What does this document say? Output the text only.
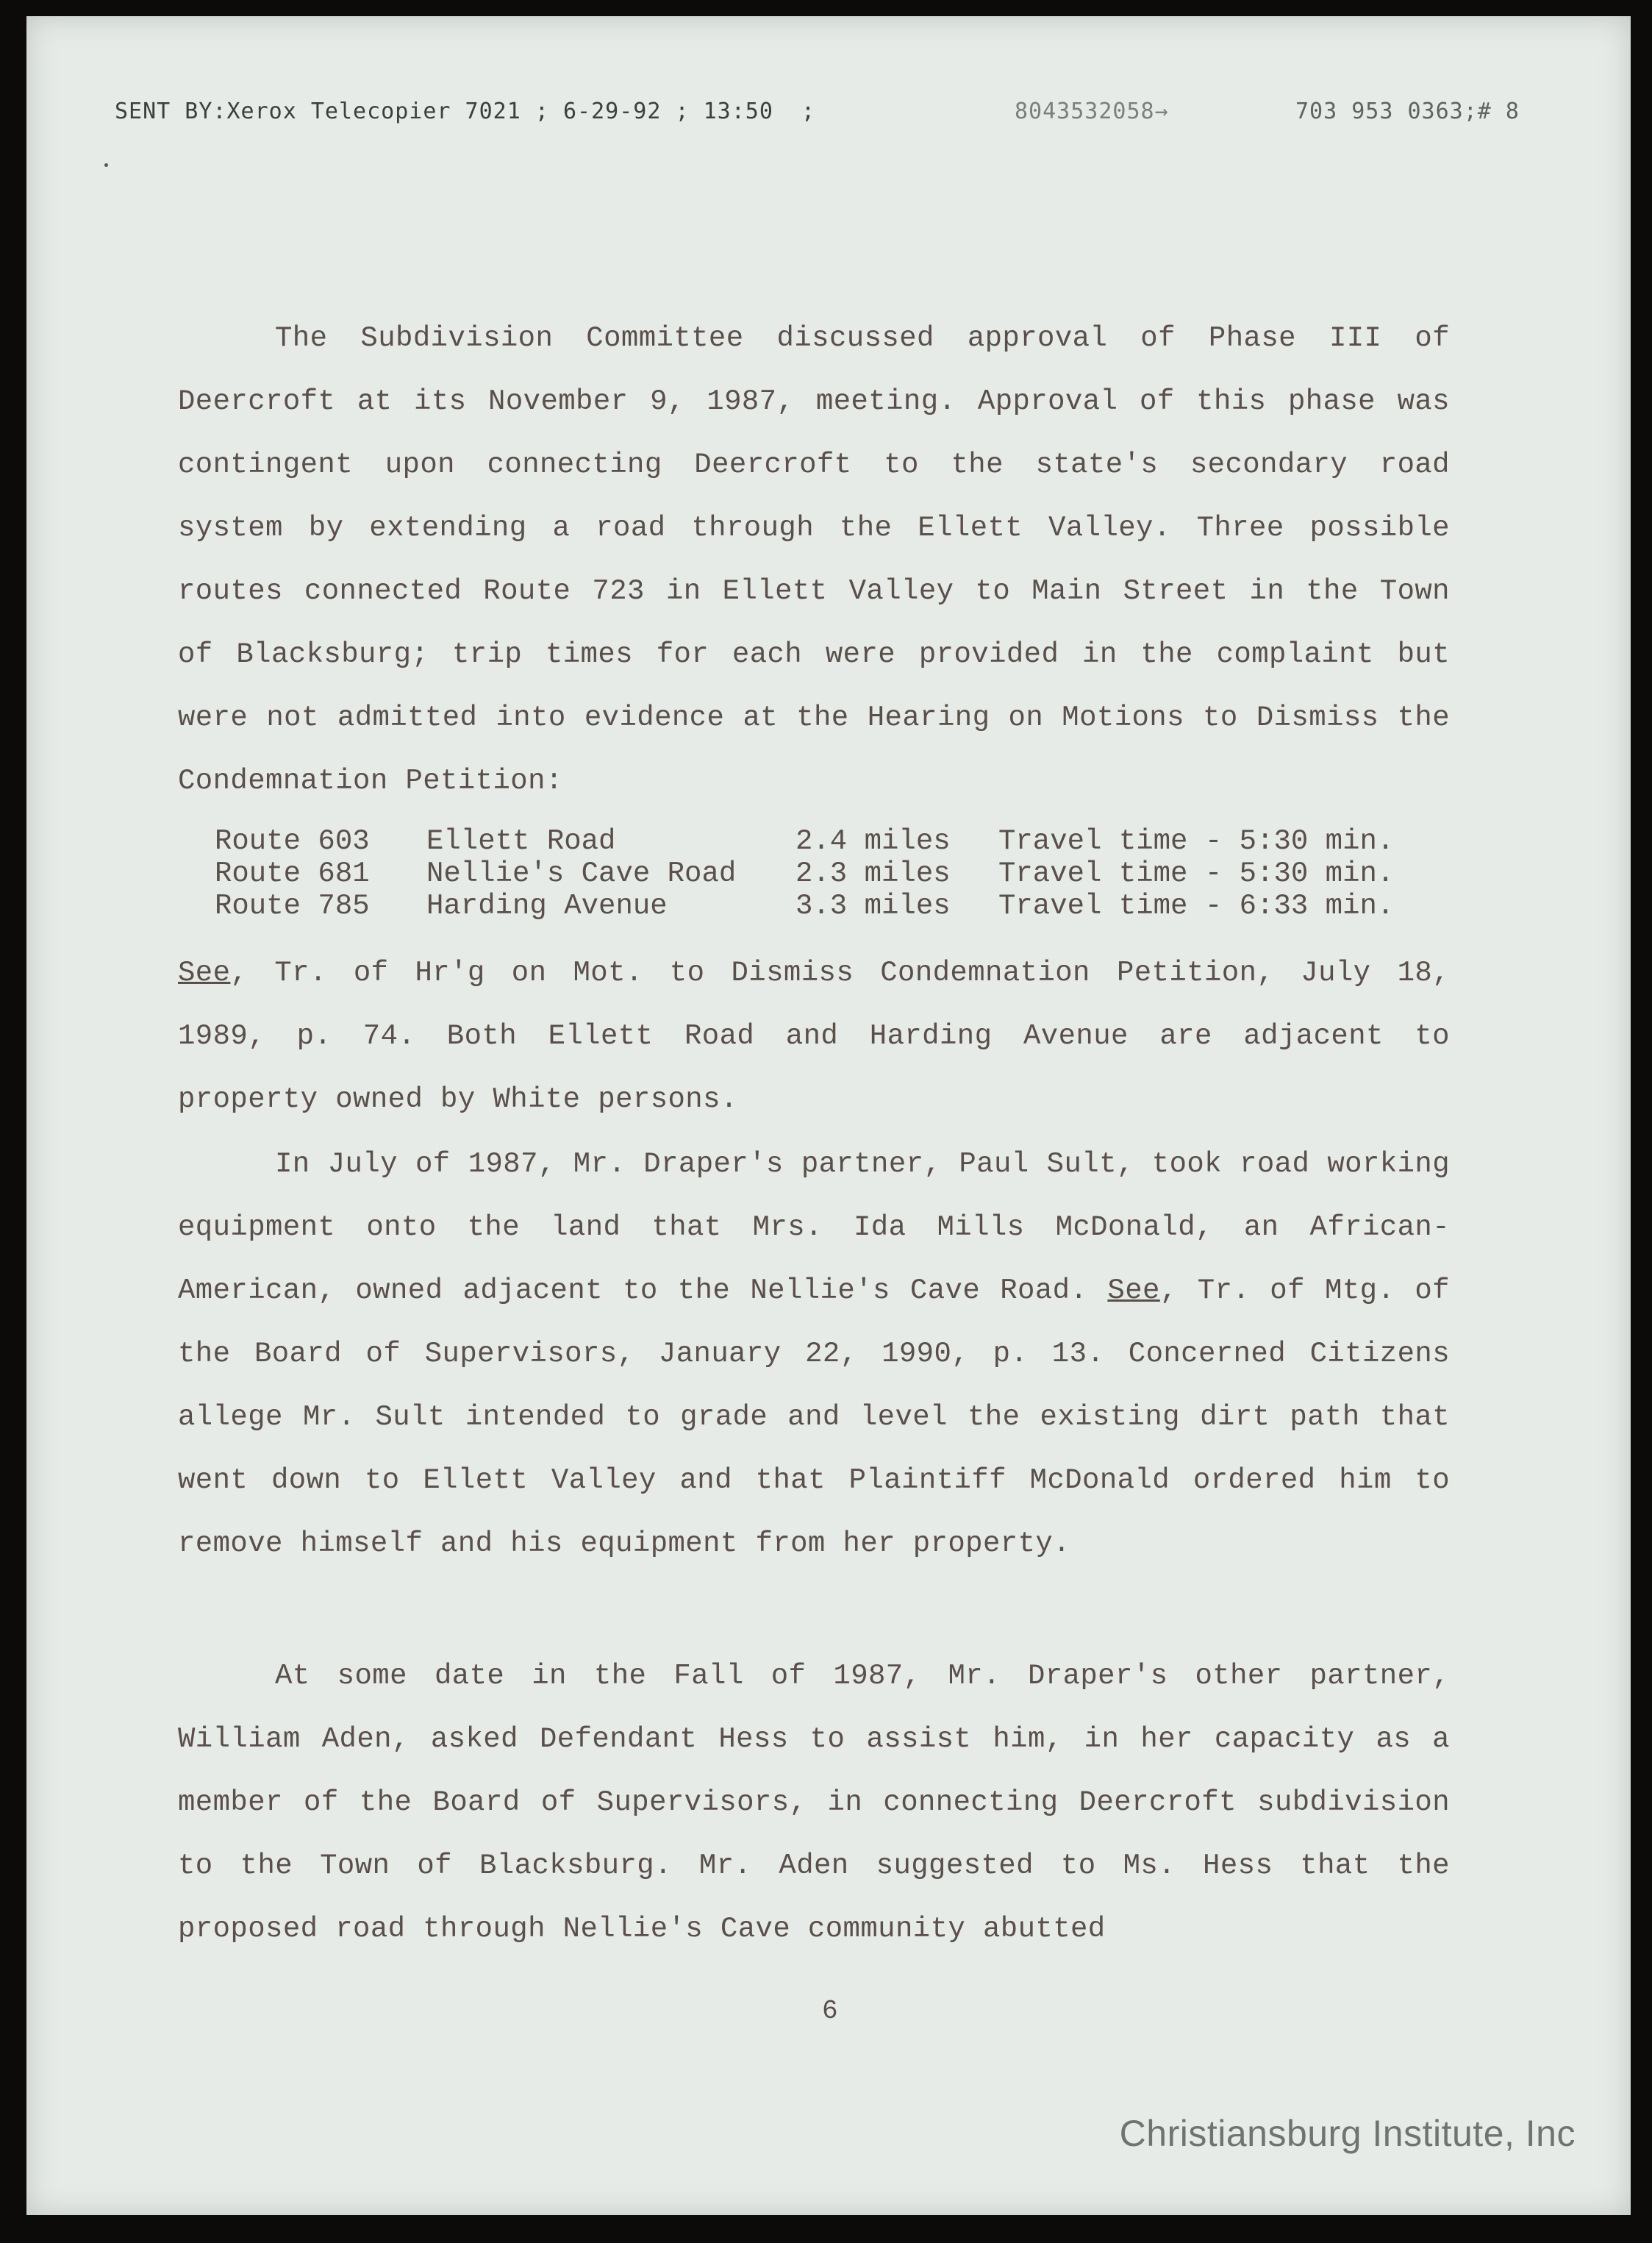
SENT BY:Xerox Telecopier 7021 ; 6-29-92 ; 13:50  ;	8043532058→	703 953 0363;# 8

The Subdivision Committee discussed approval of Phase III of Deercroft at its November 9, 1987, meeting. Approval of this phase was contingent upon connecting Deercroft to the state's secondary road system by extending a road through the Ellett Valley. Three possible routes connected Route 723 in Ellett Valley to Main Street in the Town of Blacksburg; trip times for each were provided in the complaint but were not admitted into evidence at the Hearing on Motions to Dismiss the Condemnation Petition:

Route 603	Ellett Road	2.4 miles	Travel time - 5:30 min.
Route 681	Nellie's Cave Road	2.3 miles	Travel time - 5:30 min.
Route 785	Harding Avenue	3.3 miles	Travel time - 6:33 min.

See, Tr. of Hr'g on Mot. to Dismiss Condemnation Petition, July 18, 1989, p. 74. Both Ellett Road and Harding Avenue are adjacent to property owned by White persons.

In July of 1987, Mr. Draper's partner, Paul Sult, took road working equipment onto the land that Mrs. Ida Mills McDonald, an African-American, owned adjacent to the Nellie's Cave Road. See, Tr. of Mtg. of the Board of Supervisors, January 22, 1990, p. 13. Concerned Citizens allege Mr. Sult intended to grade and level the existing dirt path that went down to Ellett Valley and that Plaintiff McDonald ordered him to remove himself and his equipment from her property.

At some date in the Fall of 1987, Mr. Draper's other partner, William Aden, asked Defendant Hess to assist him, in her capacity as a member of the Board of Supervisors, in connecting Deercroft subdivision to the Town of Blacksburg. Mr. Aden suggested to Ms. Hess that the proposed road through Nellie's Cave community abutted

6
Christiansburg Institute, Inc
